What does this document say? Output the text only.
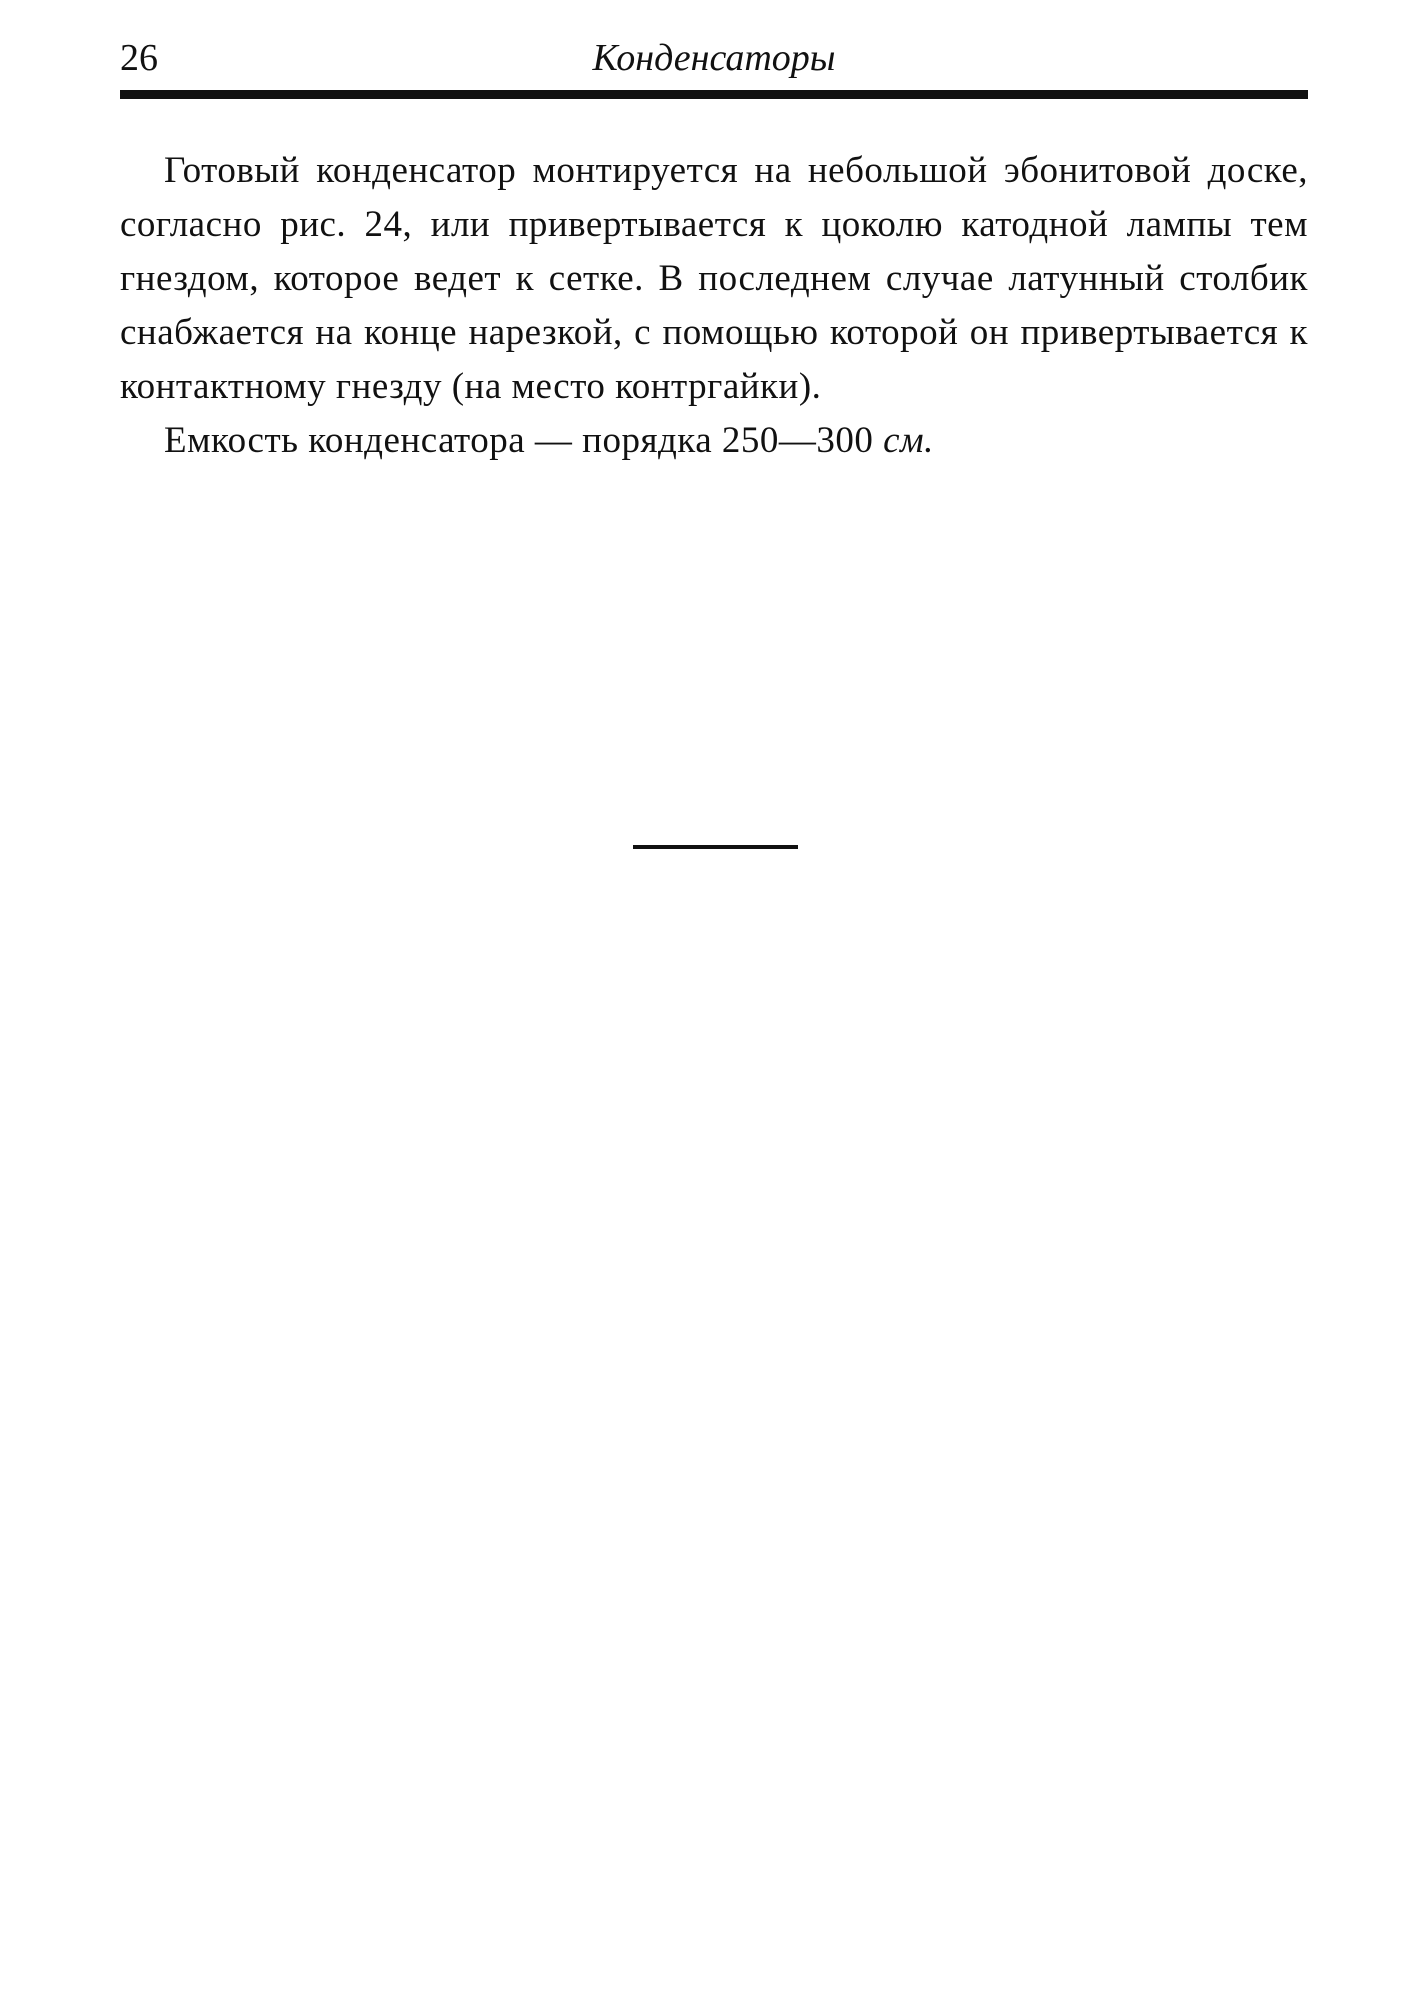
26	Конденсаторы

Готовый конденсатор монтируется на небольшой эбонитовой доске, согласно рис. 24, или привертывается к цоколю катодной лампы тем гнездом, которое ведет к сетке. В последнем случае латунный столбик снабжается на конце нарезкой, с помощью которой он привертывается к контактному гнезду (на место контргайки).

Емкость конденсатора — порядка 250—300 см.
